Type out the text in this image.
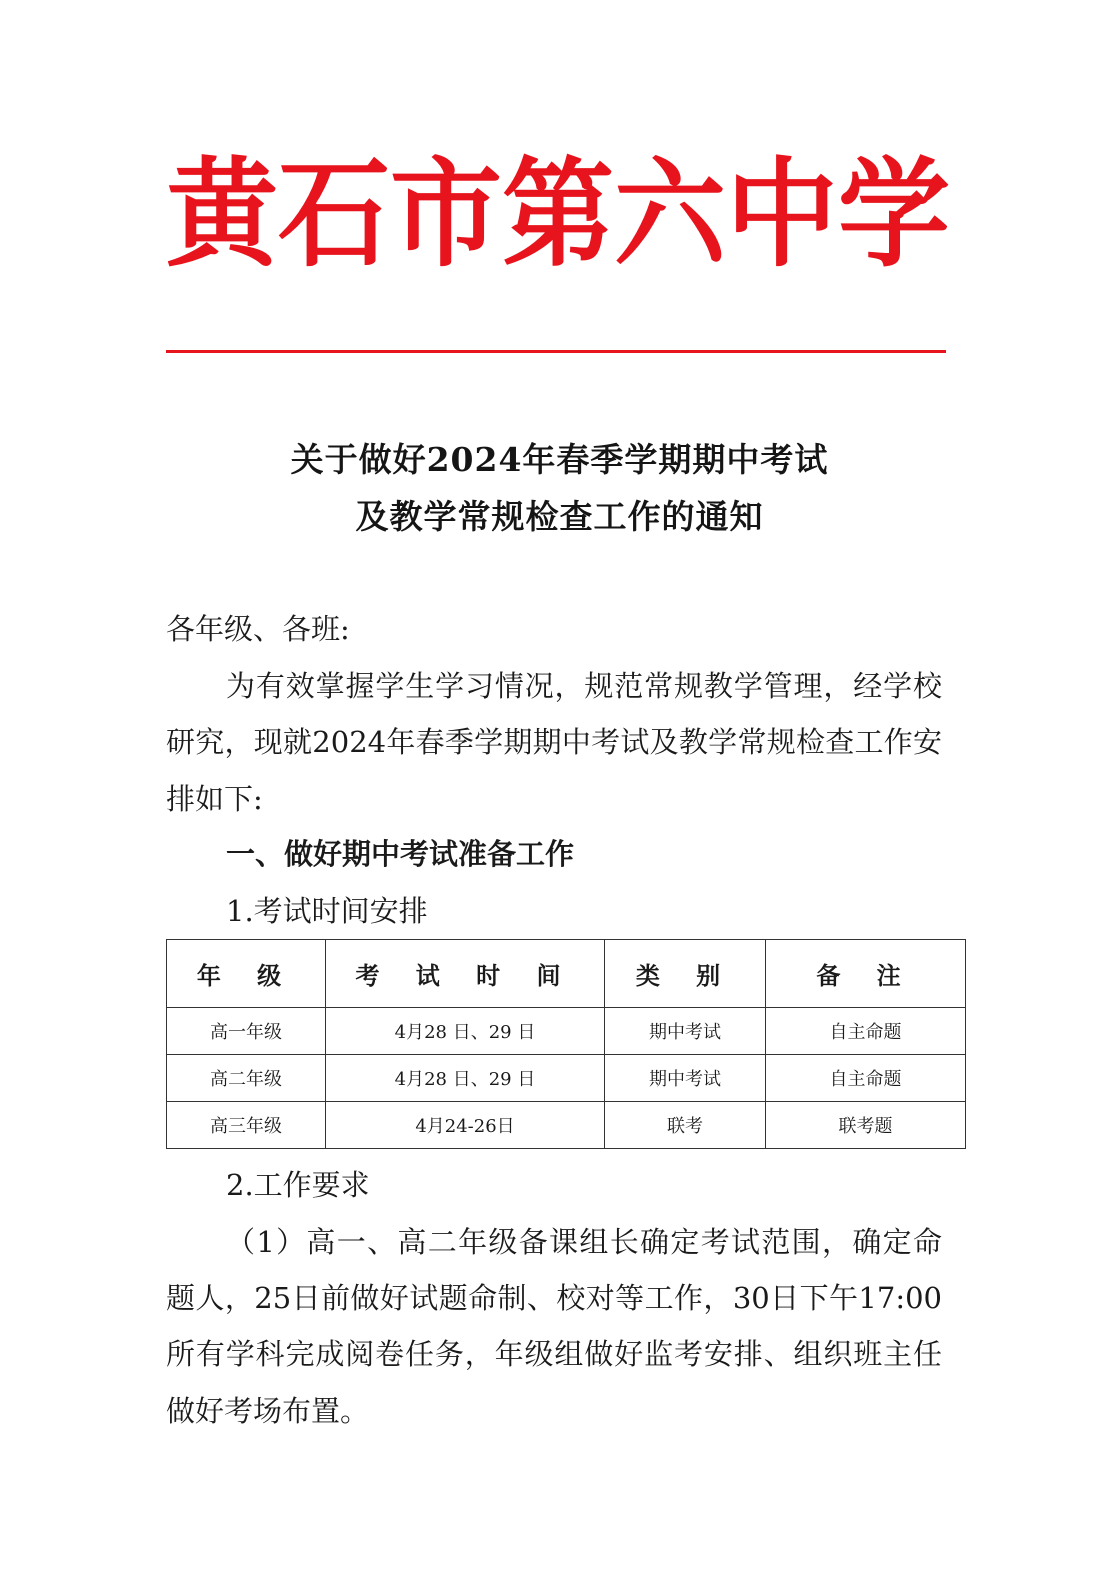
黄 石 市 第 六 中 学
关于做好2024年春季学期期中考试
及教学常规检查工作的通知
各年级、各班:
为有效掌握学生学习情况，规范常规教学管理，经学校
研究，现就2024年春季学期期中考试及教学常规检查工作安
排如下:
一、做好期中考试准备工作
1.考试时间安排
年 级	考 试 时 间	类 别	备 注
高一年级	4月28 日、29 日	期中考试	自主命题
高二年级	4月28 日、29 日	期中考试	自主命题
高三年级	4月24-26日	联考	联考题
2.工作要求
（1）高一、高二年级备课组长确定考试范围，确定命
题人，25日前做好试题命制、校对等工作，30日下午17:00
所有学科完成阅卷任务，年级组做好监考安排、组织班主任
做好考场布置。
